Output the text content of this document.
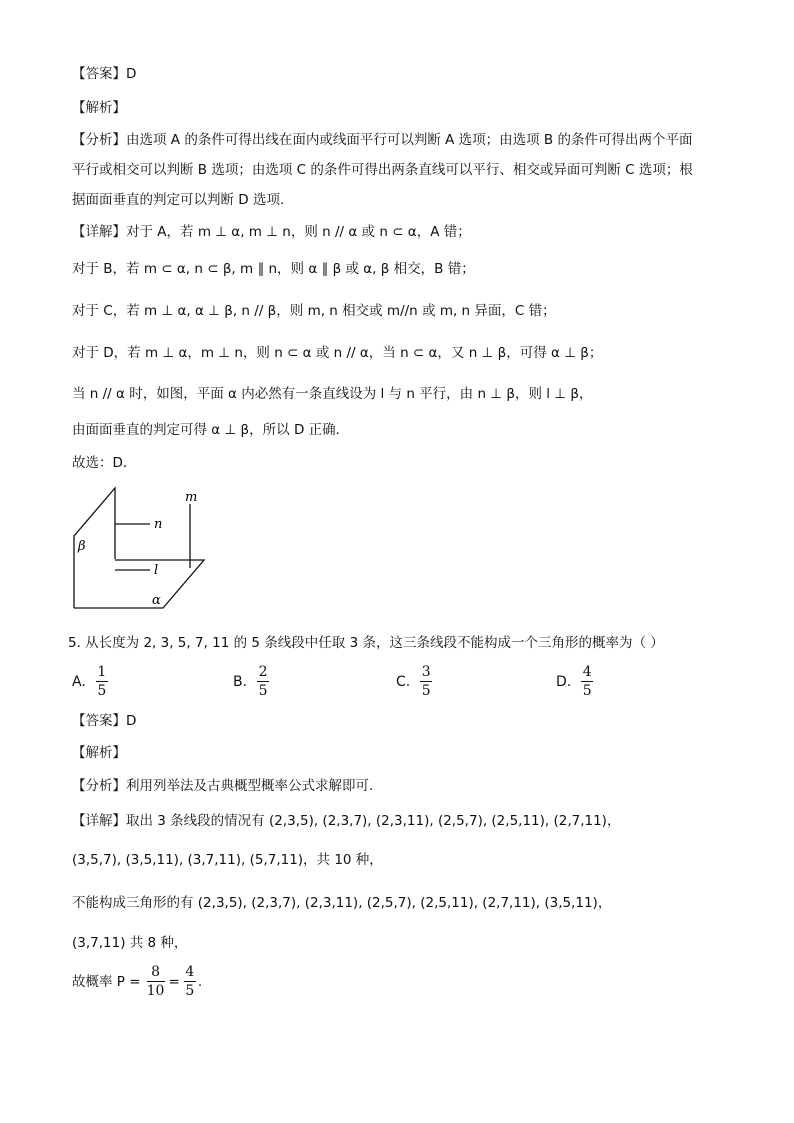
【答案】D
【解析】
【分析】由选项 A 的条件可得出线在面内或线面平行可以判断 A 选项；由选项 B 的条件可得出两个平面
平行或相交可以判断 B 选项；由选项 C 的条件可得出两条直线可以平行、相交或异面可判断 C 选项；根
据面面垂直的判定可以判断 D 选项.
【详解】对于 A，若 m ⊥ α, m ⊥ n，则 n // α 或 n ⊂ α，A 错；
对于 B，若 m ⊂ α, n ⊂ β, m ∥ n，则 α ∥ β 或 α, β 相交，B 错；
对于 C，若 m ⊥ α, α ⊥ β, n // β，则 m, n 相交或 m//n 或 m, n 异面，C 错；
对于 D，若 m ⊥ α，m ⊥ n，则 n ⊂ α 或 n // α，当 n ⊂ α，又 n ⊥ β，可得 α ⊥ β；
当 n // α 时，如图，平面 α 内必然有一条直线设为 l 与 n 平行，由 n ⊥ β，则 l ⊥ β，
由面面垂直的判定可得 α ⊥ β，所以 D 正确．
故选：D．
m
n
l
β
α
5. 从长度为 2, 3, 5, 7, 11 的 5 条线段中任取 3 条，这三条线段不能构成一个三角形的概率为（ ）
A. $\frac{1}{5}$	B. $\frac{2}{5}$	C. $\frac{3}{5}$	D. $\frac{4}{5}$
【答案】D
【解析】
【分析】利用列举法及古典概型概率公式求解即可.
【详解】取出 3 条线段的情况有 (2,3,5), (2,3,7), (2,3,11), (2,5,7), (2,5,11), (2,7,11)，
(3,5,7), (3,5,11), (3,7,11), (5,7,11)，共 10 种，
不能构成三角形的有 (2,3,5), (2,3,7), (2,3,11), (2,5,7), (2,5,11), (2,7,11), (3,5,11)，
(3,7,11) 共 8 种，
故概率 $P = \frac{8}{10} = \frac{4}{5}$ .
